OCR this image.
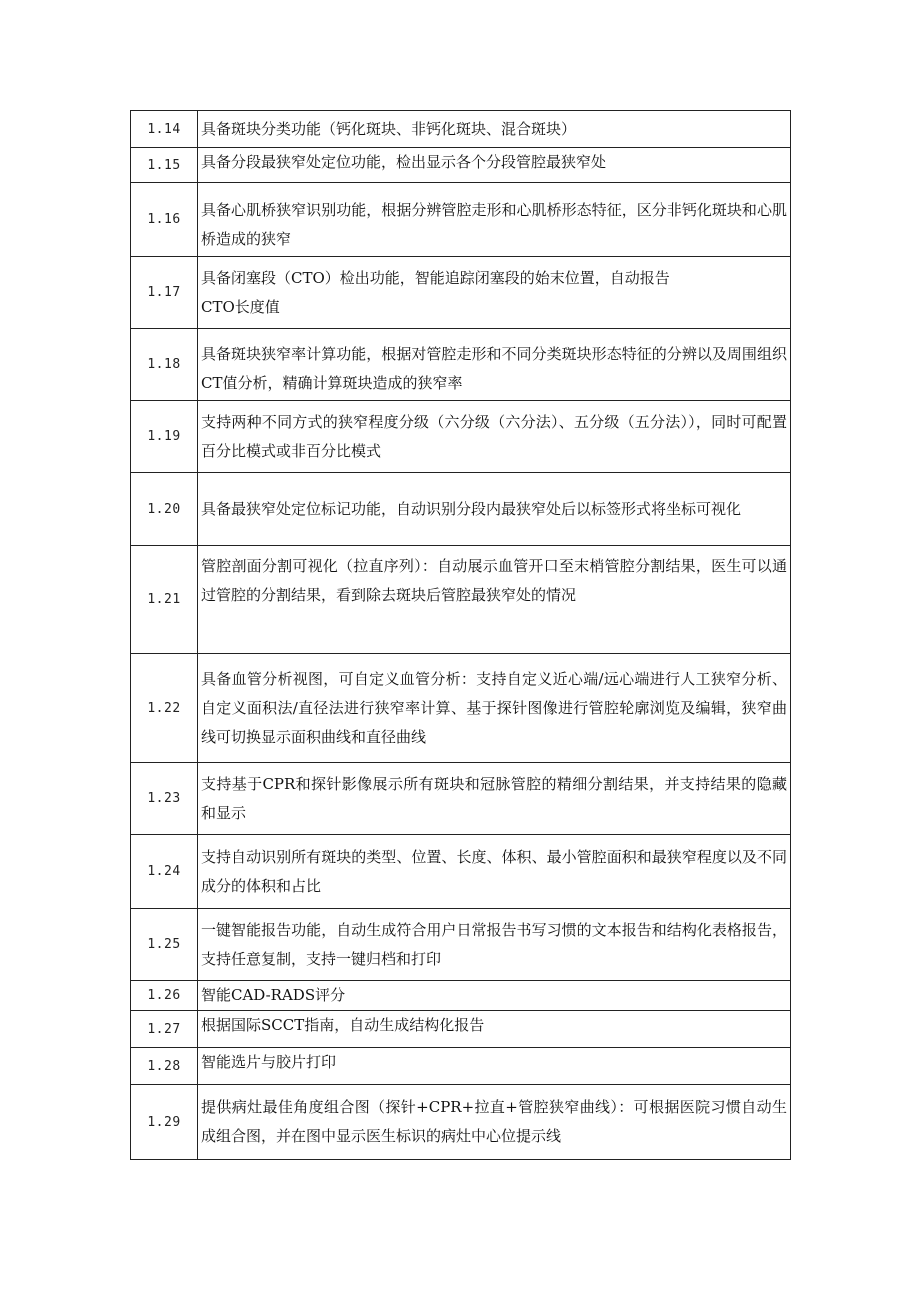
1.14	具备斑块分类功能（钙化斑块、非钙化斑块、混合斑块）
1.15	具备分段最狭窄处定位功能，检出显示各个分段管腔最狭窄处
1.16	具备心肌桥狭窄识别功能，根据分辨管腔走形和心肌桥形态特征，区分非钙化斑块和心肌桥造成的狭窄
1.17	具备闭塞段（CTO）检出功能，智能追踪闭塞段的始末位置，自动报告
CTO长度值
1.18	具备斑块狭窄率计算功能，根据对管腔走形和不同分类斑块形态特征的分辨以及周围组织CT值分析，精确计算斑块造成的狭窄率
1.19	支持两种不同方式的狭窄程度分级（六分级（六分法）、五分级（五分法）），同时可配置百分比模式或非百分比模式
1.20	具备最狭窄处定位标记功能，自动识别分段内最狭窄处后以标签形式将坐标可视化
1.21	管腔剖面分割可视化（拉直序列）：自动展示血管开口至末梢管腔分割结果，医生可以通过管腔的分割结果，看到除去斑块后管腔最狭窄处的情况
1.22	具备血管分析视图，可自定义血管分析：支持自定义近心端/远心端进行人工狭窄分析、自定义面积法/直径法进行狭窄率计算、基于探针图像进行管腔轮廓浏览及编辑，狭窄曲线可切换显示面积曲线和直径曲线
1.23	支持基于CPR和探针影像展示所有斑块和冠脉管腔的精细分割结果，并支持结果的隐藏和显示
1.24	支持自动识别所有斑块的类型、位置、长度、体积、最小管腔面积和最狭窄程度以及不同成分的体积和占比
1.25	一键智能报告功能，自动生成符合用户日常报告书写习惯的文本报告和结构化表格报告，支持任意复制，支持一键归档和打印
1.26	智能CAD-RADS评分
1.27	根据国际SCCT指南，自动生成结构化报告
1.28	智能选片与胶片打印
1.29	提供病灶最佳角度组合图（探针+CPR+拉直+管腔狭窄曲线）：可根据医院习惯自动生成组合图，并在图中显示医生标识的病灶中心位提示线
